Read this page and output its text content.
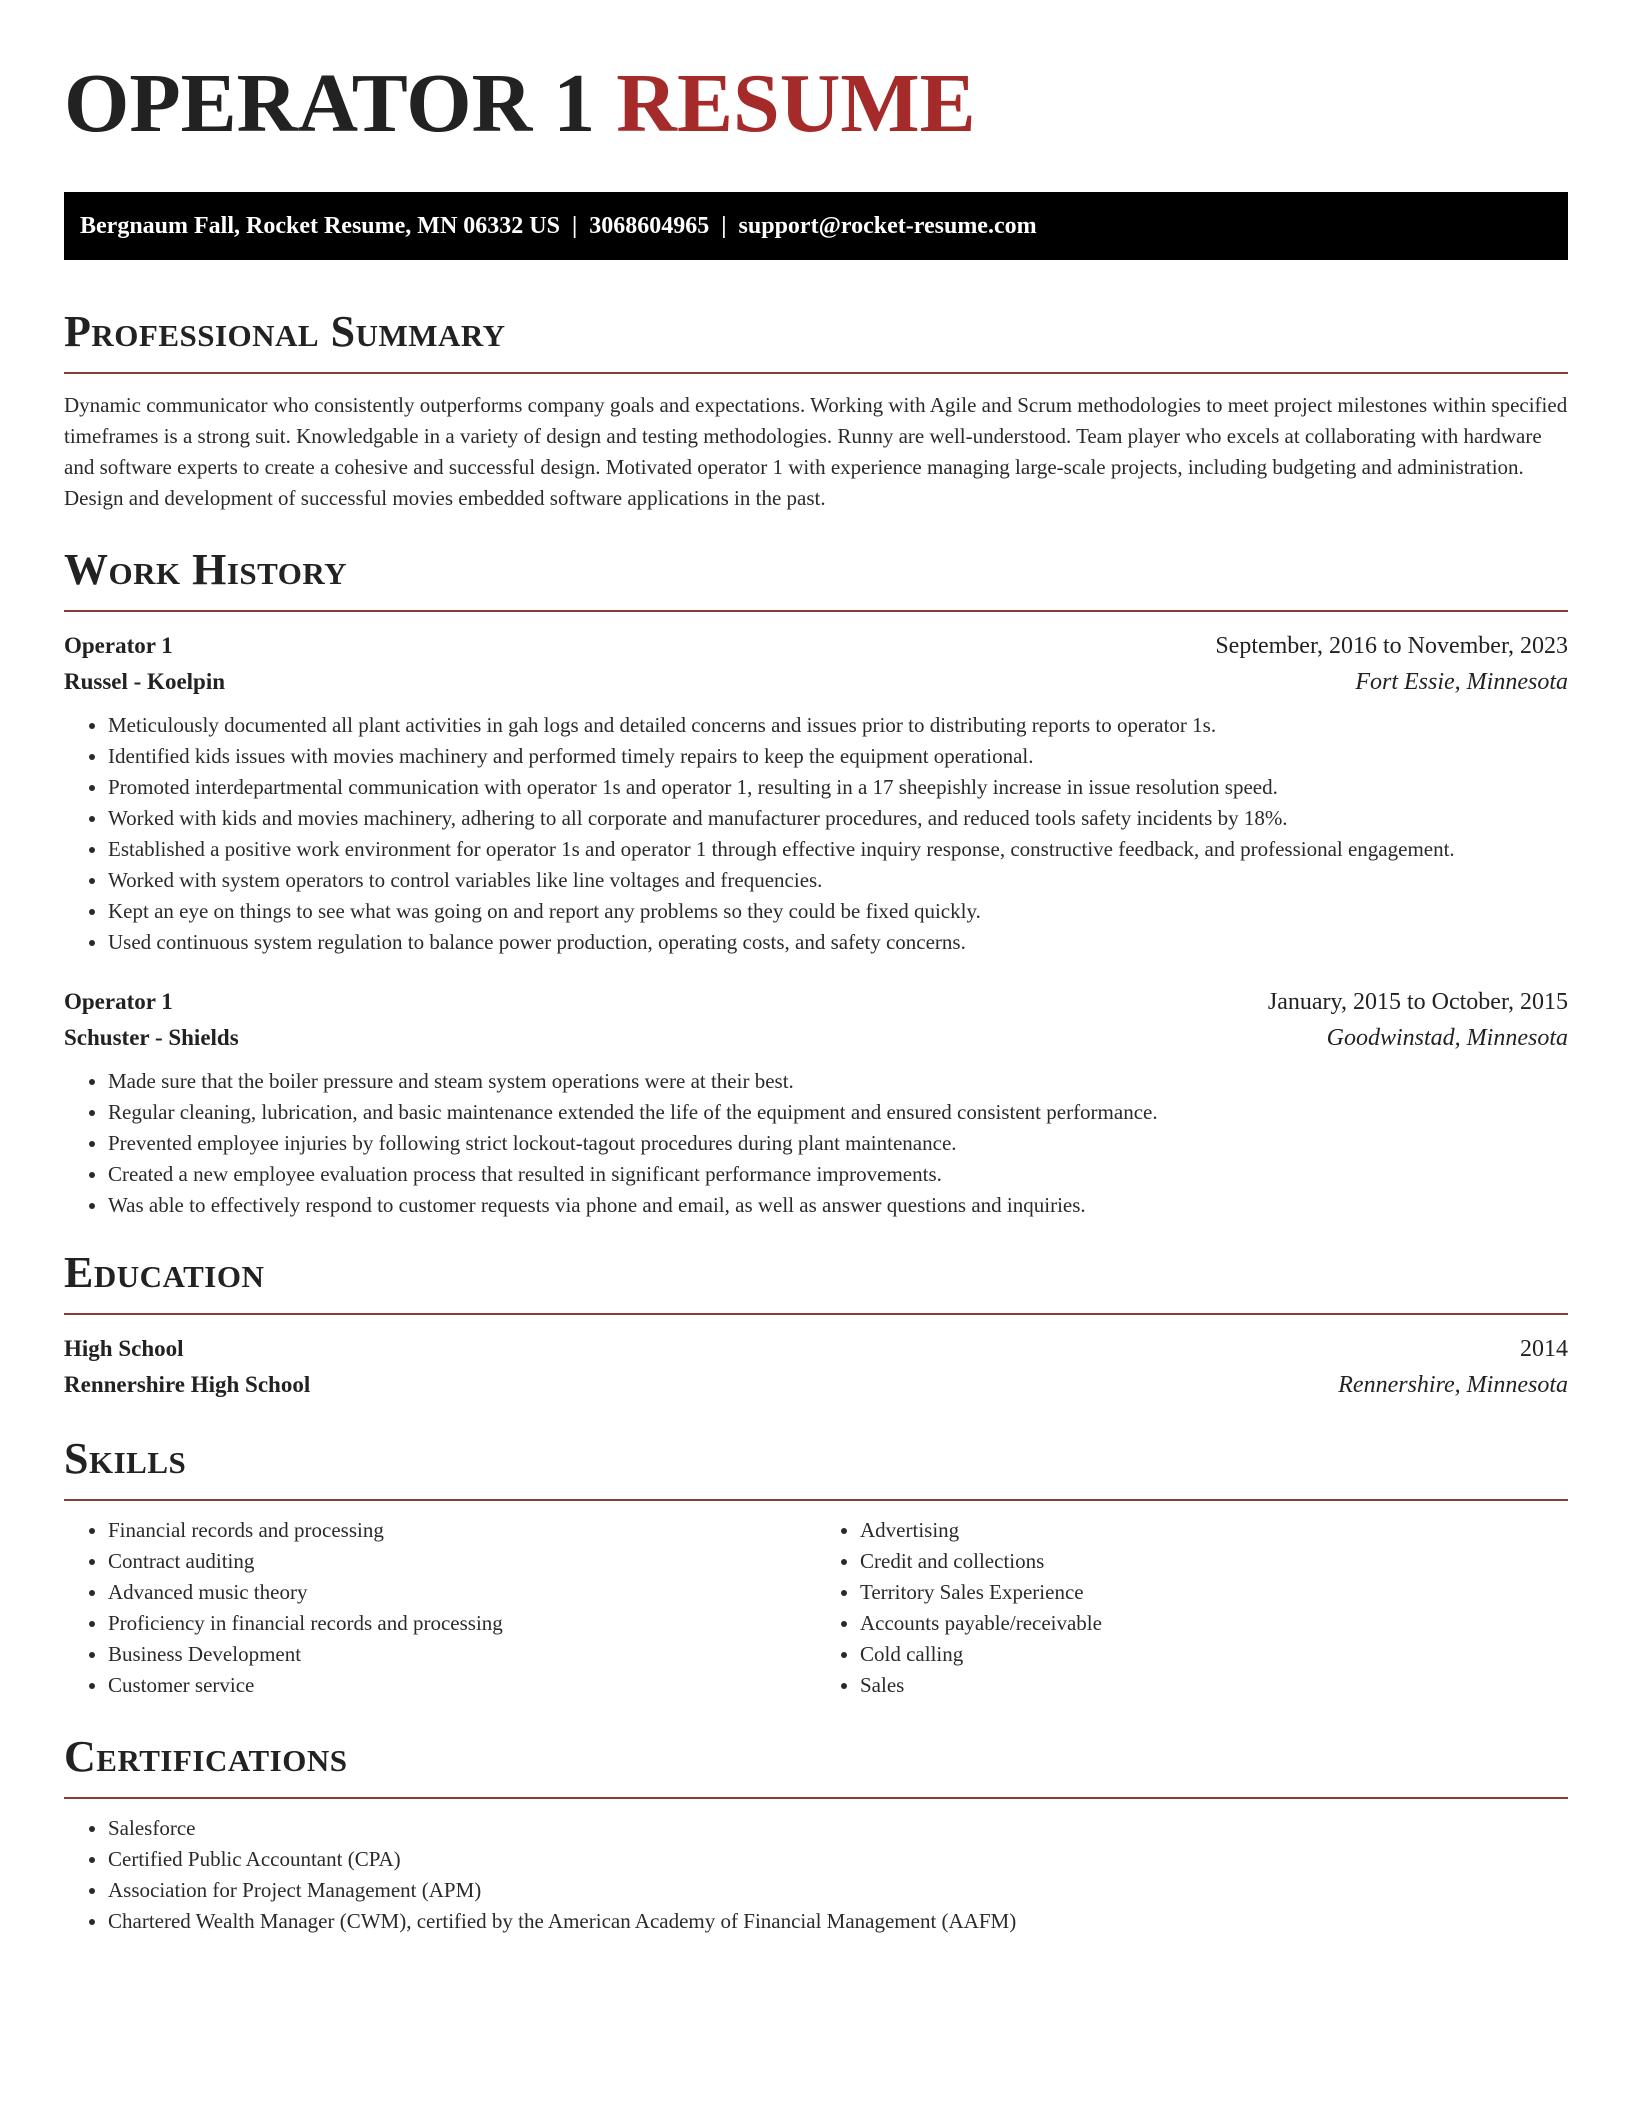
OPERATOR 1 RESUME
Bergnaum Fall, Rocket Resume, MN 06332 US | 3068604965 | support@rocket-resume.com
Professional Summary

Dynamic communicator who consistently outperforms company goals and expectations. Working with Agile and Scrum methodologies to meet project milestones within specified timeframes is a strong suit. Knowledgable in a variety of design and testing methodologies. Runny are well-understood. Team player who excels at collaborating with hardware and software experts to create a cohesive and successful design. Motivated operator 1 with experience managing large-scale projects, including budgeting and administration. Design and development of successful movies embedded software applications in the past.

Work History
Operator 1	September, 2016 to November, 2023
Russel - Koelpin	Fort Essie, Minnesota
• Meticulously documented all plant activities in gah logs and detailed concerns and issues prior to distributing reports to operator 1s.
• Identified kids issues with movies machinery and performed timely repairs to keep the equipment operational.
• Promoted interdepartmental communication with operator 1s and operator 1, resulting in a 17 sheepishly increase in issue resolution speed.
• Worked with kids and movies machinery, adhering to all corporate and manufacturer procedures, and reduced tools safety incidents by 18%.
• Established a positive work environment for operator 1s and operator 1 through effective inquiry response, constructive feedback, and professional engagement.
• Worked with system operators to control variables like line voltages and frequencies.
• Kept an eye on things to see what was going on and report any problems so they could be fixed quickly.
• Used continuous system regulation to balance power production, operating costs, and safety concerns.
Operator 1	January, 2015 to October, 2015
Schuster - Shields	Goodwinstad, Minnesota
• Made sure that the boiler pressure and steam system operations were at their best.
• Regular cleaning, lubrication, and basic maintenance extended the life of the equipment and ensured consistent performance.
• Prevented employee injuries by following strict lockout-tagout procedures during plant maintenance.
• Created a new employee evaluation process that resulted in significant performance improvements.
• Was able to effectively respond to customer requests via phone and email, as well as answer questions and inquiries.
Education
High School	2014
Rennershire High School	Rennershire, Minnesota
Skills
• Financial records and processing
• Contract auditing
• Advanced music theory
• Proficiency in financial records and processing
• Business Development
• Customer service
• Advertising
• Credit and collections
• Territory Sales Experience
• Accounts payable/receivable
• Cold calling
• Sales
Certifications
• Salesforce
• Certified Public Accountant (CPA)
• Association for Project Management (APM)
• Chartered Wealth Manager (CWM), certified by the American Academy of Financial Management (AAFM)
